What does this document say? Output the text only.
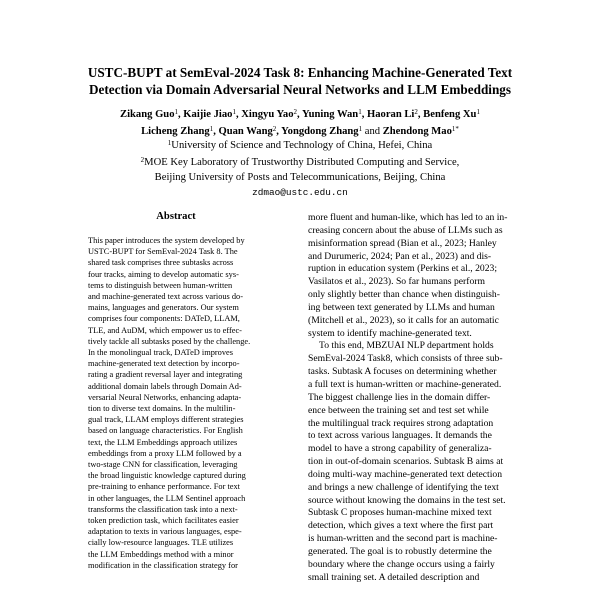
USTC-BUPT at SemEval-2024 Task 8: Enhancing Machine-Generated Text
Detection via Domain Adversarial Neural Networks and LLM Embeddings
Zikang Guo$^1$, Kaijie Jiao$^1$, Xingyu Yao$^2$, Yuning Wan$^1$, Haoran Li$^2$, Benfeng Xu$^1$
Licheng Zhang$^1$, Quan Wang$^2$, Yongdong Zhang$^1$ and Zhendong Mao$^{1*}$
$^1$University of Science and Technology of China, Hefei, China
$^2$MOE Key Laboratory of Trustworthy Distributed Computing and Service,
Beijing University of Posts and Telecommunications, Beijing, China
zdmao@ustc.edu.cn
Abstract
This paper introduces the system developed by
USTC-BUPT for SemEval-2024 Task 8. The
shared task comprises three subtasks across
four tracks, aiming to develop automatic sys-
tems to distinguish between human-written
and machine-generated text across various do-
mains, languages and generators. Our system
comprises four components: DATeD, LLAM,
TLE, and AuDM, which empower us to effec-
tively tackle all subtasks posed by the challenge.
In the monolingual track, DATeD improves
machine-generated text detection by incorpo-
rating a gradient reversal layer and integrating
additional domain labels through Domain Ad-
versarial Neural Networks, enhancing adapta-
tion to diverse text domains. In the multilin-
gual track, LLAM employs different strategies
based on language characteristics. For English
text, the LLM Embeddings approach utilizes
embeddings from a proxy LLM followed by a
two-stage CNN for classification, leveraging
the broad linguistic knowledge captured during
pre-training to enhance performance. For text
in other languages, the LLM Sentinel approach
transforms the classification task into a next-
token prediction task, which facilitates easier
adaptation to texts in various languages, espe-
cially low-resource languages. TLE utilizes
the LLM Embeddings method with a minor
modification in the classification strategy for
more fluent and human-like, which has led to an in-
creasing concern about the abuse of LLMs such as
misinformation spread (Bian et al., 2023; Hanley
and Durumeric, 2024; Pan et al., 2023) and dis-
ruption in education system (Perkins et al., 2023;
Vasilatos et al., 2023). So far humans perform
only slightly better than chance when distinguish-
ing between text generated by LLMs and human
(Mitchell et al., 2023), so it calls for an automatic
system to identify machine-generated text.
To this end, MBZUAI NLP department holds
SemEval-2024 Task8, which consists of three sub-
tasks. Subtask A focuses on determining whether
a full text is human-written or machine-generated.
The biggest challenge lies in the domain differ-
ence between the training set and test set while
the multilingual track requires strong adaptation
to text across various languages. It demands the
model to have a strong capability of generaliza-
tion in out-of-domain scenarios. Subtask B aims at
doing multi-way machine-generated text detection
and brings a new challenge of identifying the text
source without knowing the domains in the test set.
Subtask C proposes human-machine mixed text
detection, which gives a text where the first part
is human-written and the second part is machine-
generated. The goal is to robustly determine the
boundary where the change occurs using a fairly
small training set. A detailed description and
